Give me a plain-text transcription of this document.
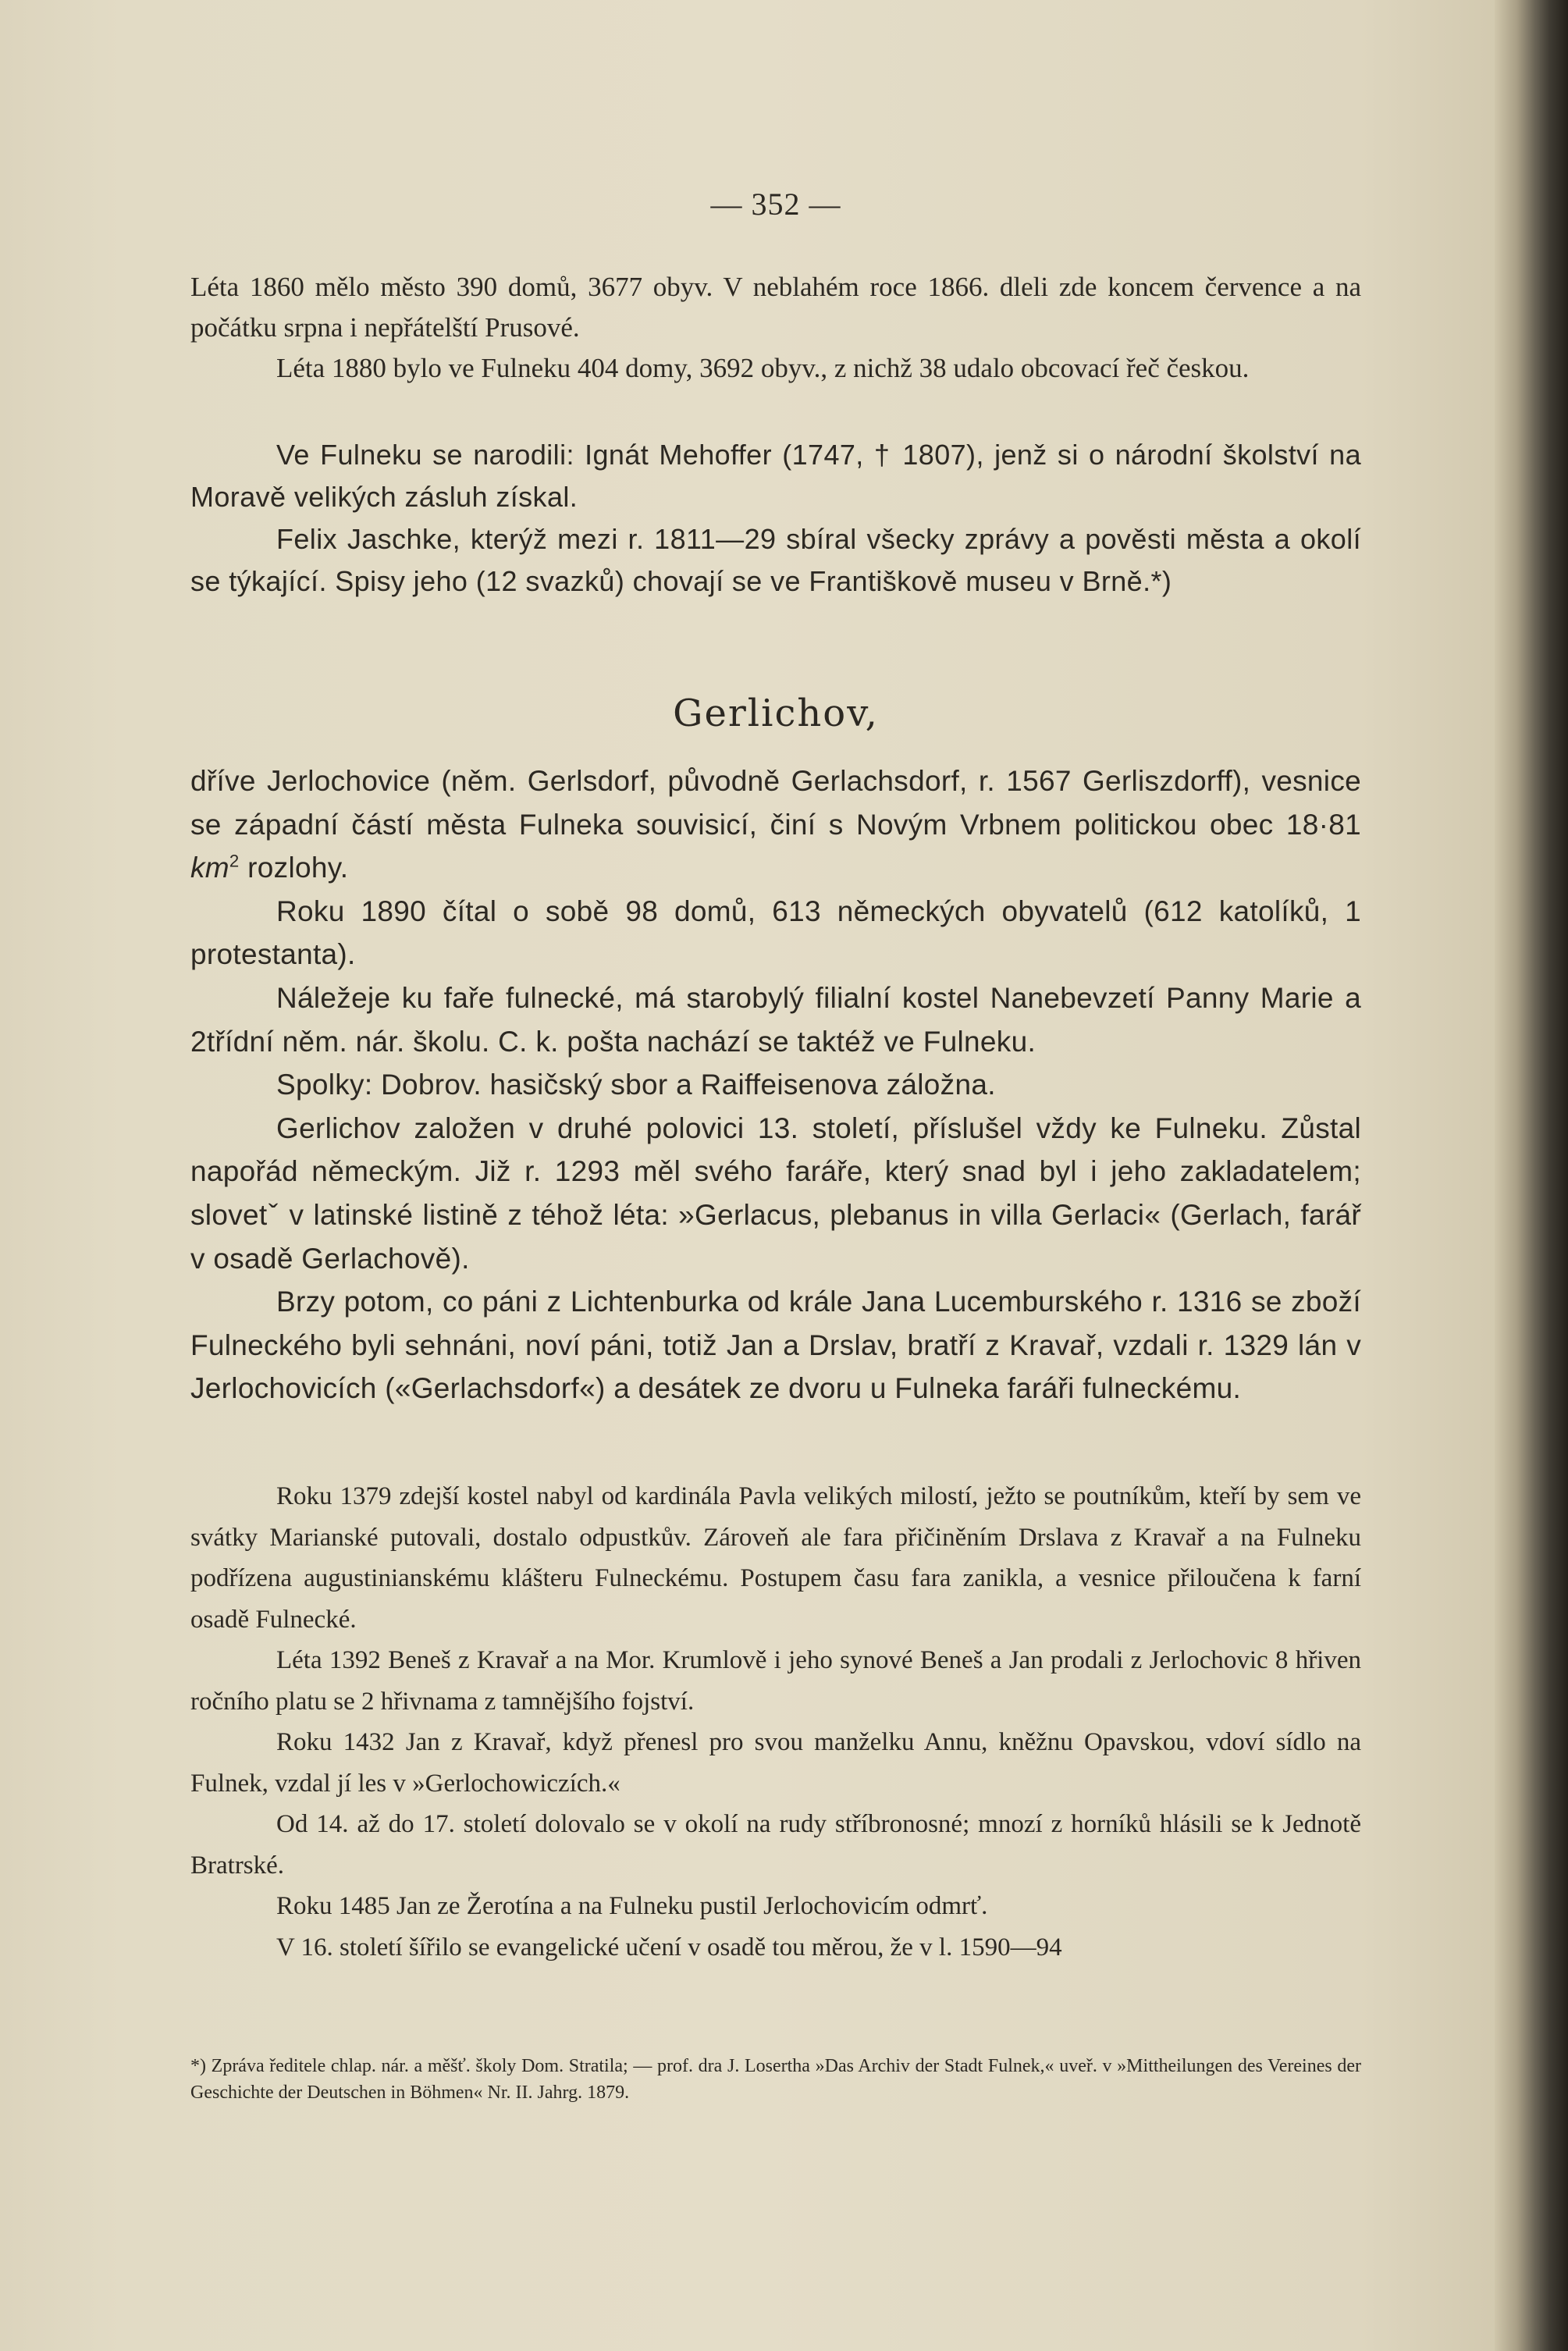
— 352 —

Léta 1860 mělo město 390 domů, 3677 obyv. V neblahém roce 1866. dleli zde koncem července a na počátku srpna i nepřátelští Prusové.

Léta 1880 bylo ve Fulneku 404 domy, 3692 obyv., z nichž 38 udalo obcovací řeč českou.

Ve Fulneku se narodili: Ignát Mehoffer (1747, † 1807), jenž si o národní školství na Moravě velikých zásluh získal.

Felix Jaschke, kterýž mezi r. 1811—29 sbíral všecky zprávy a pověsti města a okolí se týkající. Spisy jeho (12 svazků) chovají se ve Františkově museu v Brně.*)

Gerlichov,

dříve Jerlochovice (něm. Gerlsdorf, původně Gerlachsdorf, r. 1567 Gerliszdorff), vesnice se západní částí města Fulneka souvisicí, činí s Novým Vrbnem politickou obec 18·81 $km^2$ rozlohy.

Roku 1890 čítal o sobě 98 domů, 613 německých obyvatelů (612 katolíků, 1 protestanta).

Náležeje ku faře fulnecké, má starobylý filialní kostel Nanebevzetí Panny Marie a 2třídní něm. nár. školu. C. k. pošta nachází se taktéž ve Fulneku.

Spolky: Dobrov. hasičský sbor a Raiffeisenova záložna.

Gerlichov založen v druhé polovici 13. století, příslušel vždy ke Fulneku. Zůstal napořád německým. Již r. 1293 měl svého faráře, který snad byl i jeho zakladatelem; slovetˇ v latinské listině z téhož léta: »Gerlacus, plebanus in villa Gerlaci« (Gerlach, farář v osadě Gerlachově).

Brzy potom, co páni z Lichtenburka od krále Jana Lucemburského r. 1316 se zboží Fulneckého byli sehnáni, noví páni, totiž Jan a Drslav, bratří z Kravař, vzdali r. 1329 lán v Jerlochovicích («Gerlachsdorf«) a desátek ze dvoru u Fulneka faráři fulneckému.

Roku 1379 zdejší kostel nabyl od kardinála Pavla velikých milostí, ježto se poutníkům, kteří by sem ve svátky Marianské putovali, dostalo odpustkův. Zároveň ale fara přičiněním Drslava z Kravař a na Fulneku podřízena augustinianskému klášteru Fulneckému. Postupem času fara zanikla, a vesnice přiloučena k farní osadě Fulnecké.

Léta 1392 Beneš z Kravař a na Mor. Krumlově i jeho synové Beneš a Jan prodali z Jerlochovic 8 hřiven ročního platu se 2 hřivnama z tamnějšího fojství.

Roku 1432 Jan z Kravař, když přenesl pro svou manželku Annu, kněžnu Opavskou, vdoví sídlo na Fulnek, vzdal jí les v »Gerlochowiczích.«

Od 14. až do 17. století dolovalo se v okolí na rudy stříbronosné; mnozí z horníků hlásili se k Jednotě Bratrské.

Roku 1485 Jan ze Žerotína a na Fulneku pustil Jerlochovicím odmrť.

V 16. století šířilo se evangelické učení v osadě tou měrou, že v l. 1590—94

*) Zpráva ředitele chlap. nár. a měšť. školy Dom. Stratila; — prof. dra J. Losertha »Das Archiv der Stadt Fulnek,« uveř. v »Mittheilungen des Vereines der Geschichte der Deutschen in Böhmen« Nr. II. Jahrg. 1879.
